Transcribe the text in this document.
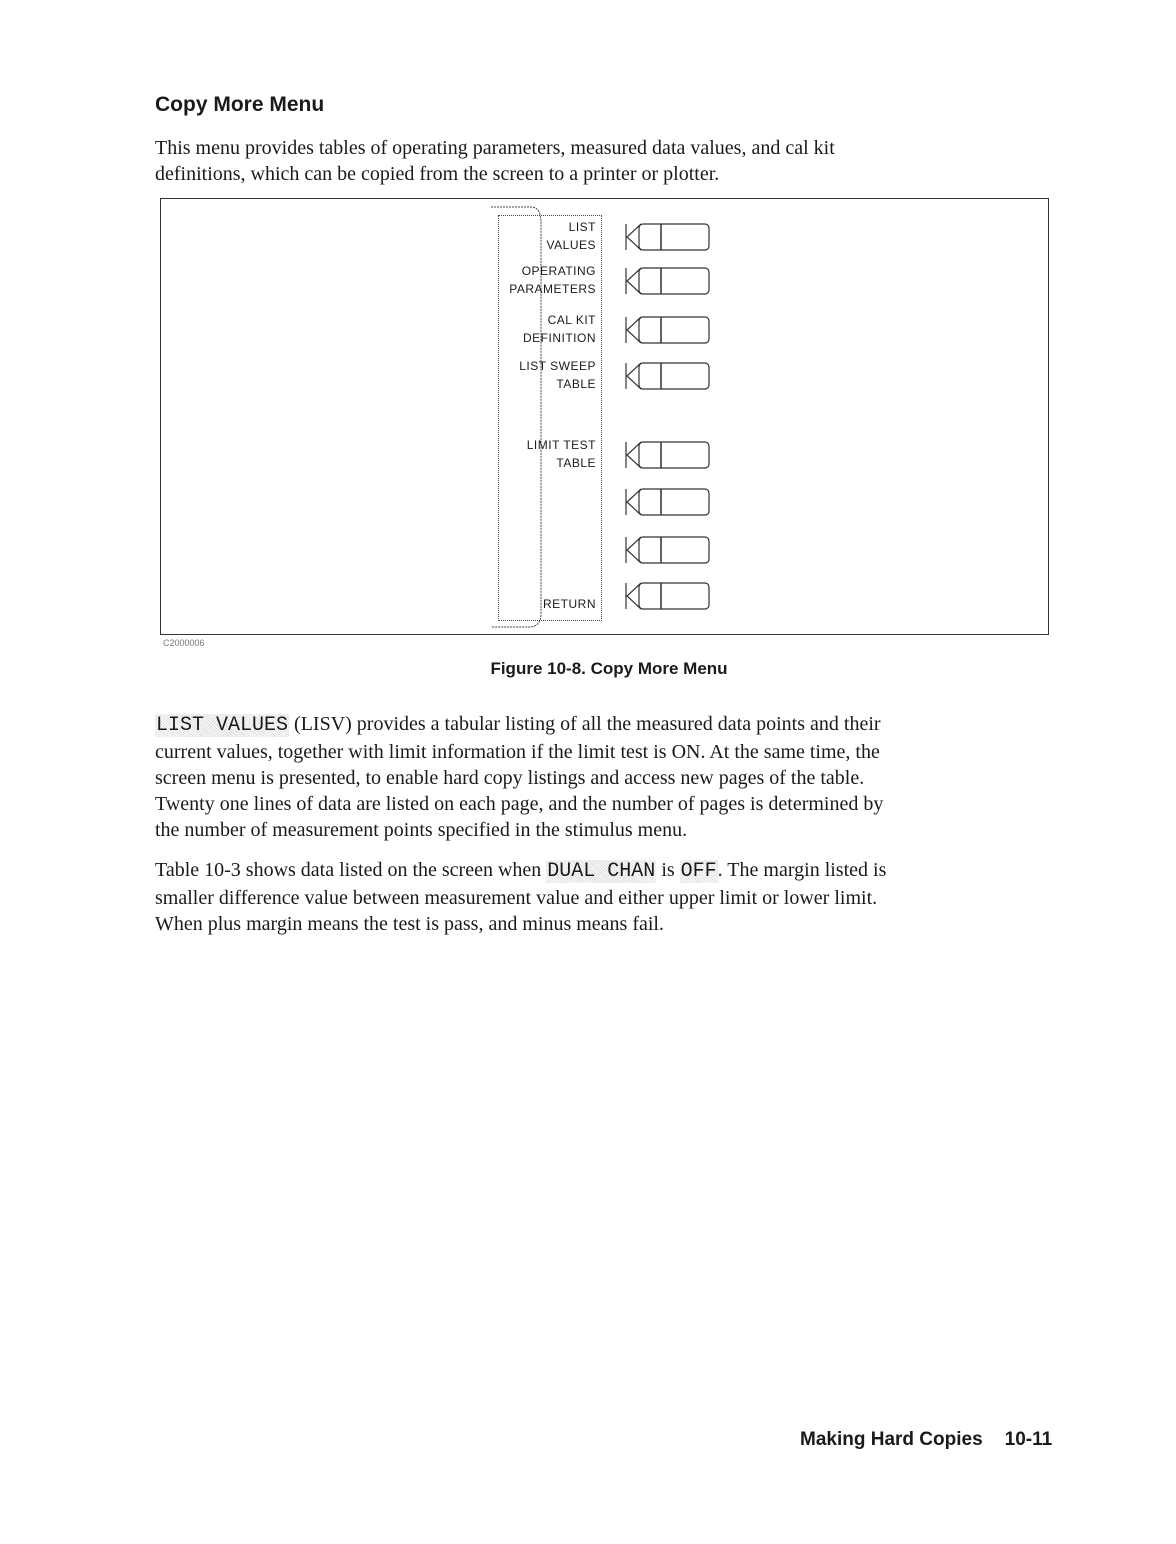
Copy More Menu
This menu provides tables of operating parameters, measured data values, and cal kit
definitions, which can be copied from the screen to a printer or plotter.
LIST
VALUES
OPERATING
PARAMETERS
CAL KIT
DEFINITION
LIST SWEEP
TABLE
LIMIT TEST
TABLE

RETURN
C2000006
Figure 10-8. Copy More Menu
LIST VALUES (LISV) provides a tabular listing of all the measured data points and their
current values, together with limit information if the limit test is ON. At the same time, the
screen menu is presented, to enable hard copy listings and access new pages of the table.
Twenty one lines of data are listed on each page, and the number of pages is determined by
the number of measurement points specified in the stimulus menu.
Table 10-3 shows data listed on the screen when DUAL CHAN is OFF. The margin listed is
smaller difference value between measurement value and either upper limit or lower limit.
When plus margin means the test is pass, and minus means fail.
Making Hard Copies 10-11
